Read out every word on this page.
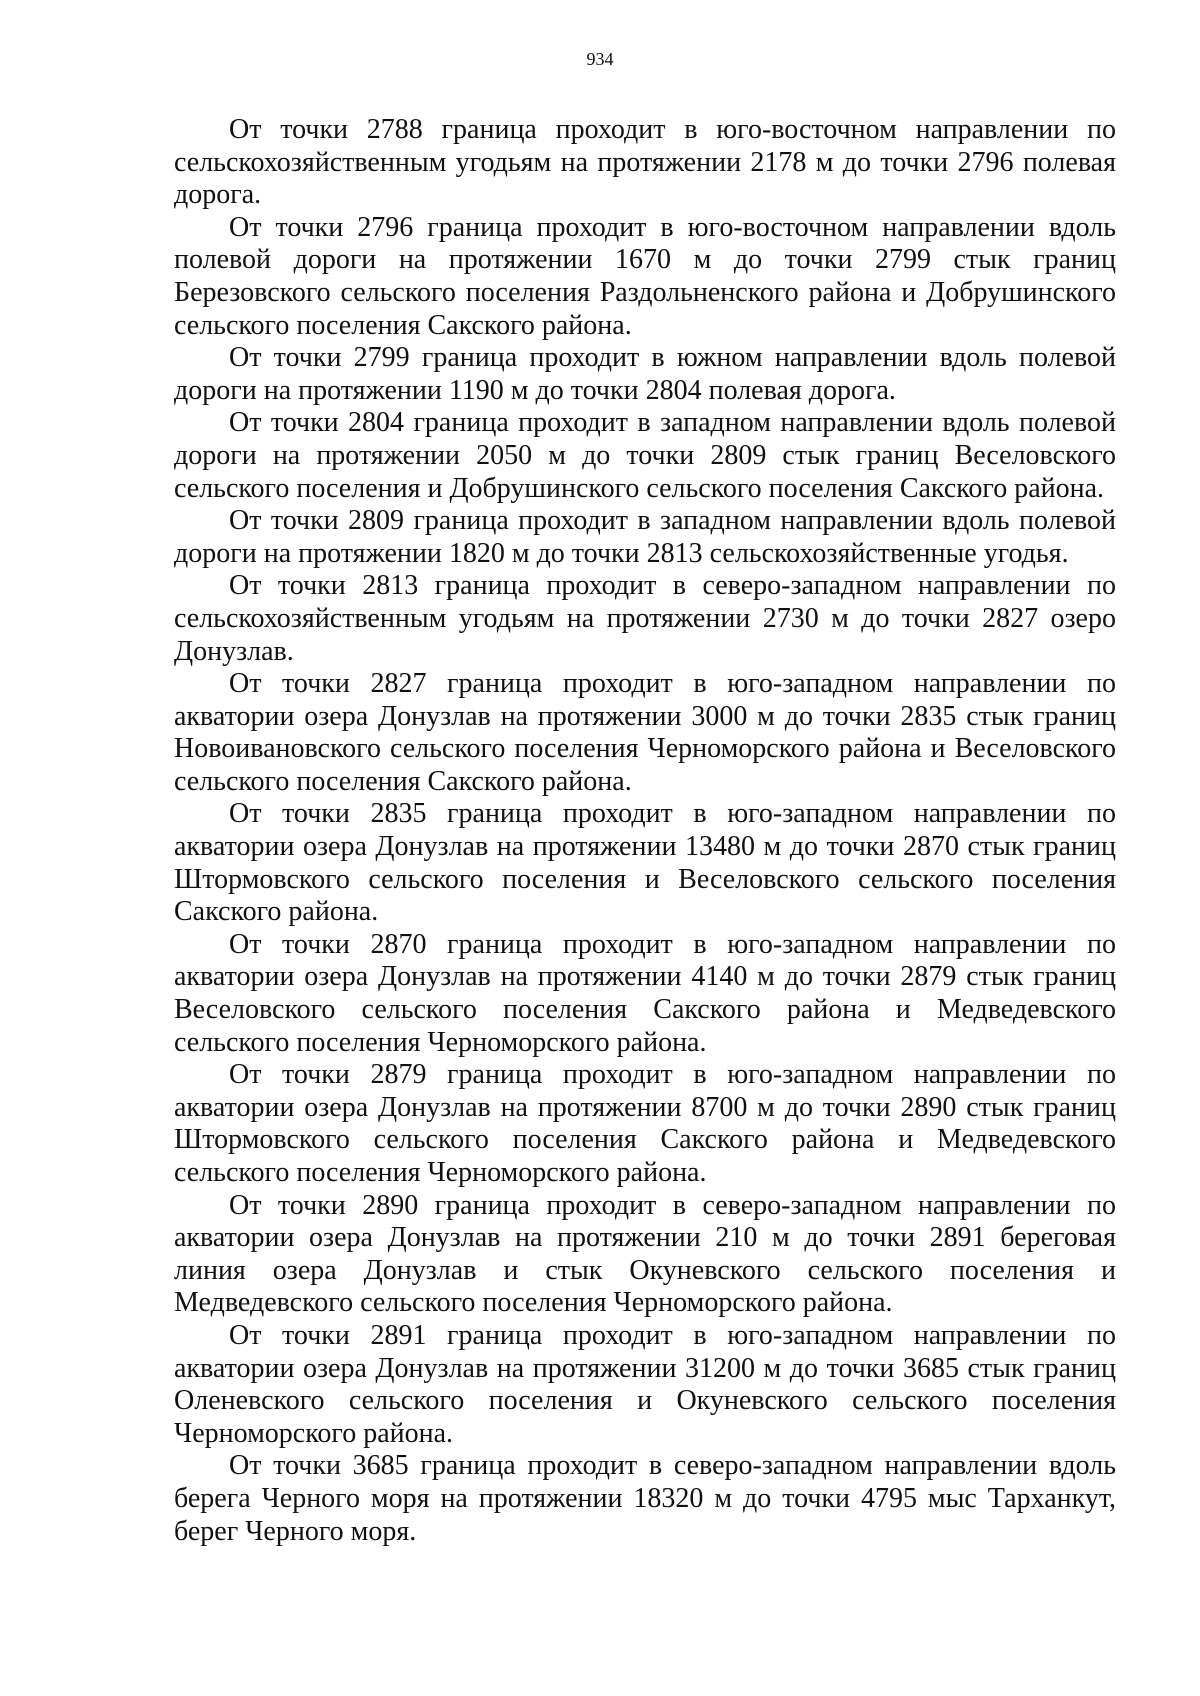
934

От точки 2788 граница проходит в юго-восточном направлении по сельскохозяйственным угодьям на протяжении 2178 м до точки 2796 полевая дорога.

От точки 2796 граница проходит в юго-восточном направлении вдоль полевой дороги на протяжении 1670 м до точки 2799 стык границ Березовского сельского поселения Раздольненского района и Добрушинского сельского поселения Сакского района.

От точки 2799 граница проходит в южном направлении вдоль полевой дороги на протяжении 1190 м до точки 2804 полевая дорога.

От точки 2804 граница проходит в западном направлении вдоль полевой дороги на протяжении 2050 м до точки 2809 стык границ Веселовского сельского поселения и Добрушинского сельского поселения Сакского района.

От точки 2809 граница проходит в западном направлении вдоль полевой дороги на протяжении 1820 м до точки 2813 сельскохозяйственные угодья.

От точки 2813 граница проходит в северо-западном направлении по сельскохозяйственным угодьям на протяжении 2730 м до точки 2827 озеро Донузлав.

От точки 2827 граница проходит в юго-западном направлении по акватории озера Донузлав на протяжении 3000 м до точки 2835 стык границ Новоивановского сельского поселения Черноморского района и Веселовского сельского поселения Сакского района.

От точки 2835 граница проходит в юго-западном направлении по акватории озера Донузлав на протяжении 13480 м до точки 2870 стык границ Штормовского сельского поселения и Веселовского сельского поселения Сакского района.

От точки 2870 граница проходит в юго-западном направлении по акватории озера Донузлав на протяжении 4140 м до точки 2879 стык границ Веселовского сельского поселения Сакского района и Медведевского сельского поселения Черноморского района.

От точки 2879 граница проходит в юго-западном направлении по акватории озера Донузлав на протяжении 8700 м до точки 2890 стык границ Штормовского сельского поселения Сакского района и Медведевского сельского поселения Черноморского района.

От точки 2890 граница проходит в северо-западном направлении по акватории озера Донузлав на протяжении 210 м до точки 2891 береговая линия озера Донузлав и стык Окуневского сельского поселения и Медведевского сельского поселения Черноморского района.

От точки 2891 граница проходит в юго-западном направлении по акватории озера Донузлав на протяжении 31200 м до точки 3685 стык границ Оленевского сельского поселения и Окуневского сельского поселения Черноморского района.

От точки 3685 граница проходит в северо-западном направлении вдоль берега Черного моря на протяжении 18320 м до точки 4795 мыс Тарханкут, берег Черного моря.
